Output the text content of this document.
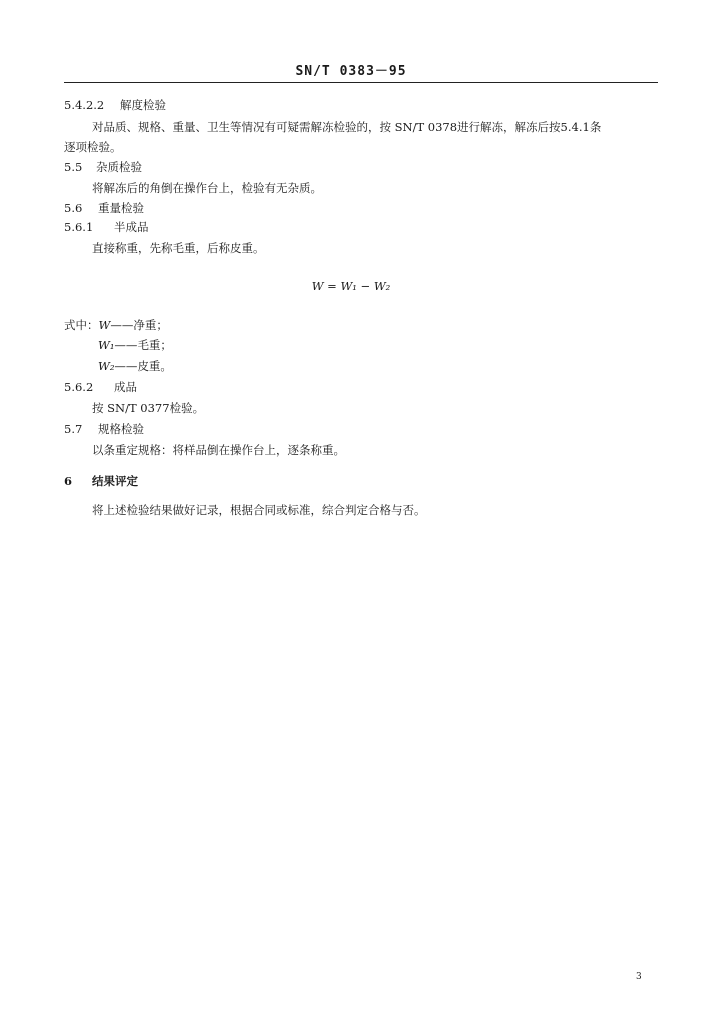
SN/T 0383－95
5.4.2.2 解度检验
对品质、规格、重量、卫生等情况有可疑需解冻检验的，按 SN/T 0378进行解冻，解冻后按5.4.1条
逐项检验。
5.5 杂质检验
将解冻后的角倒在操作台上，检验有无杂质。
5.6 重量检验
5.6.1 半成品
直接称重，先称毛重，后称皮重。
W = W₁ − W₂
式中：W——净重；
W₁——毛重；
W₂——皮重。
5.6.2 成品
按 SN/T 0377检验。
5.7 规格检验
以条重定规格：将样品倒在操作台上，逐条称重。
6 结果评定
将上述检验结果做好记录，根据合同或标准，综合判定合格与否。
3
